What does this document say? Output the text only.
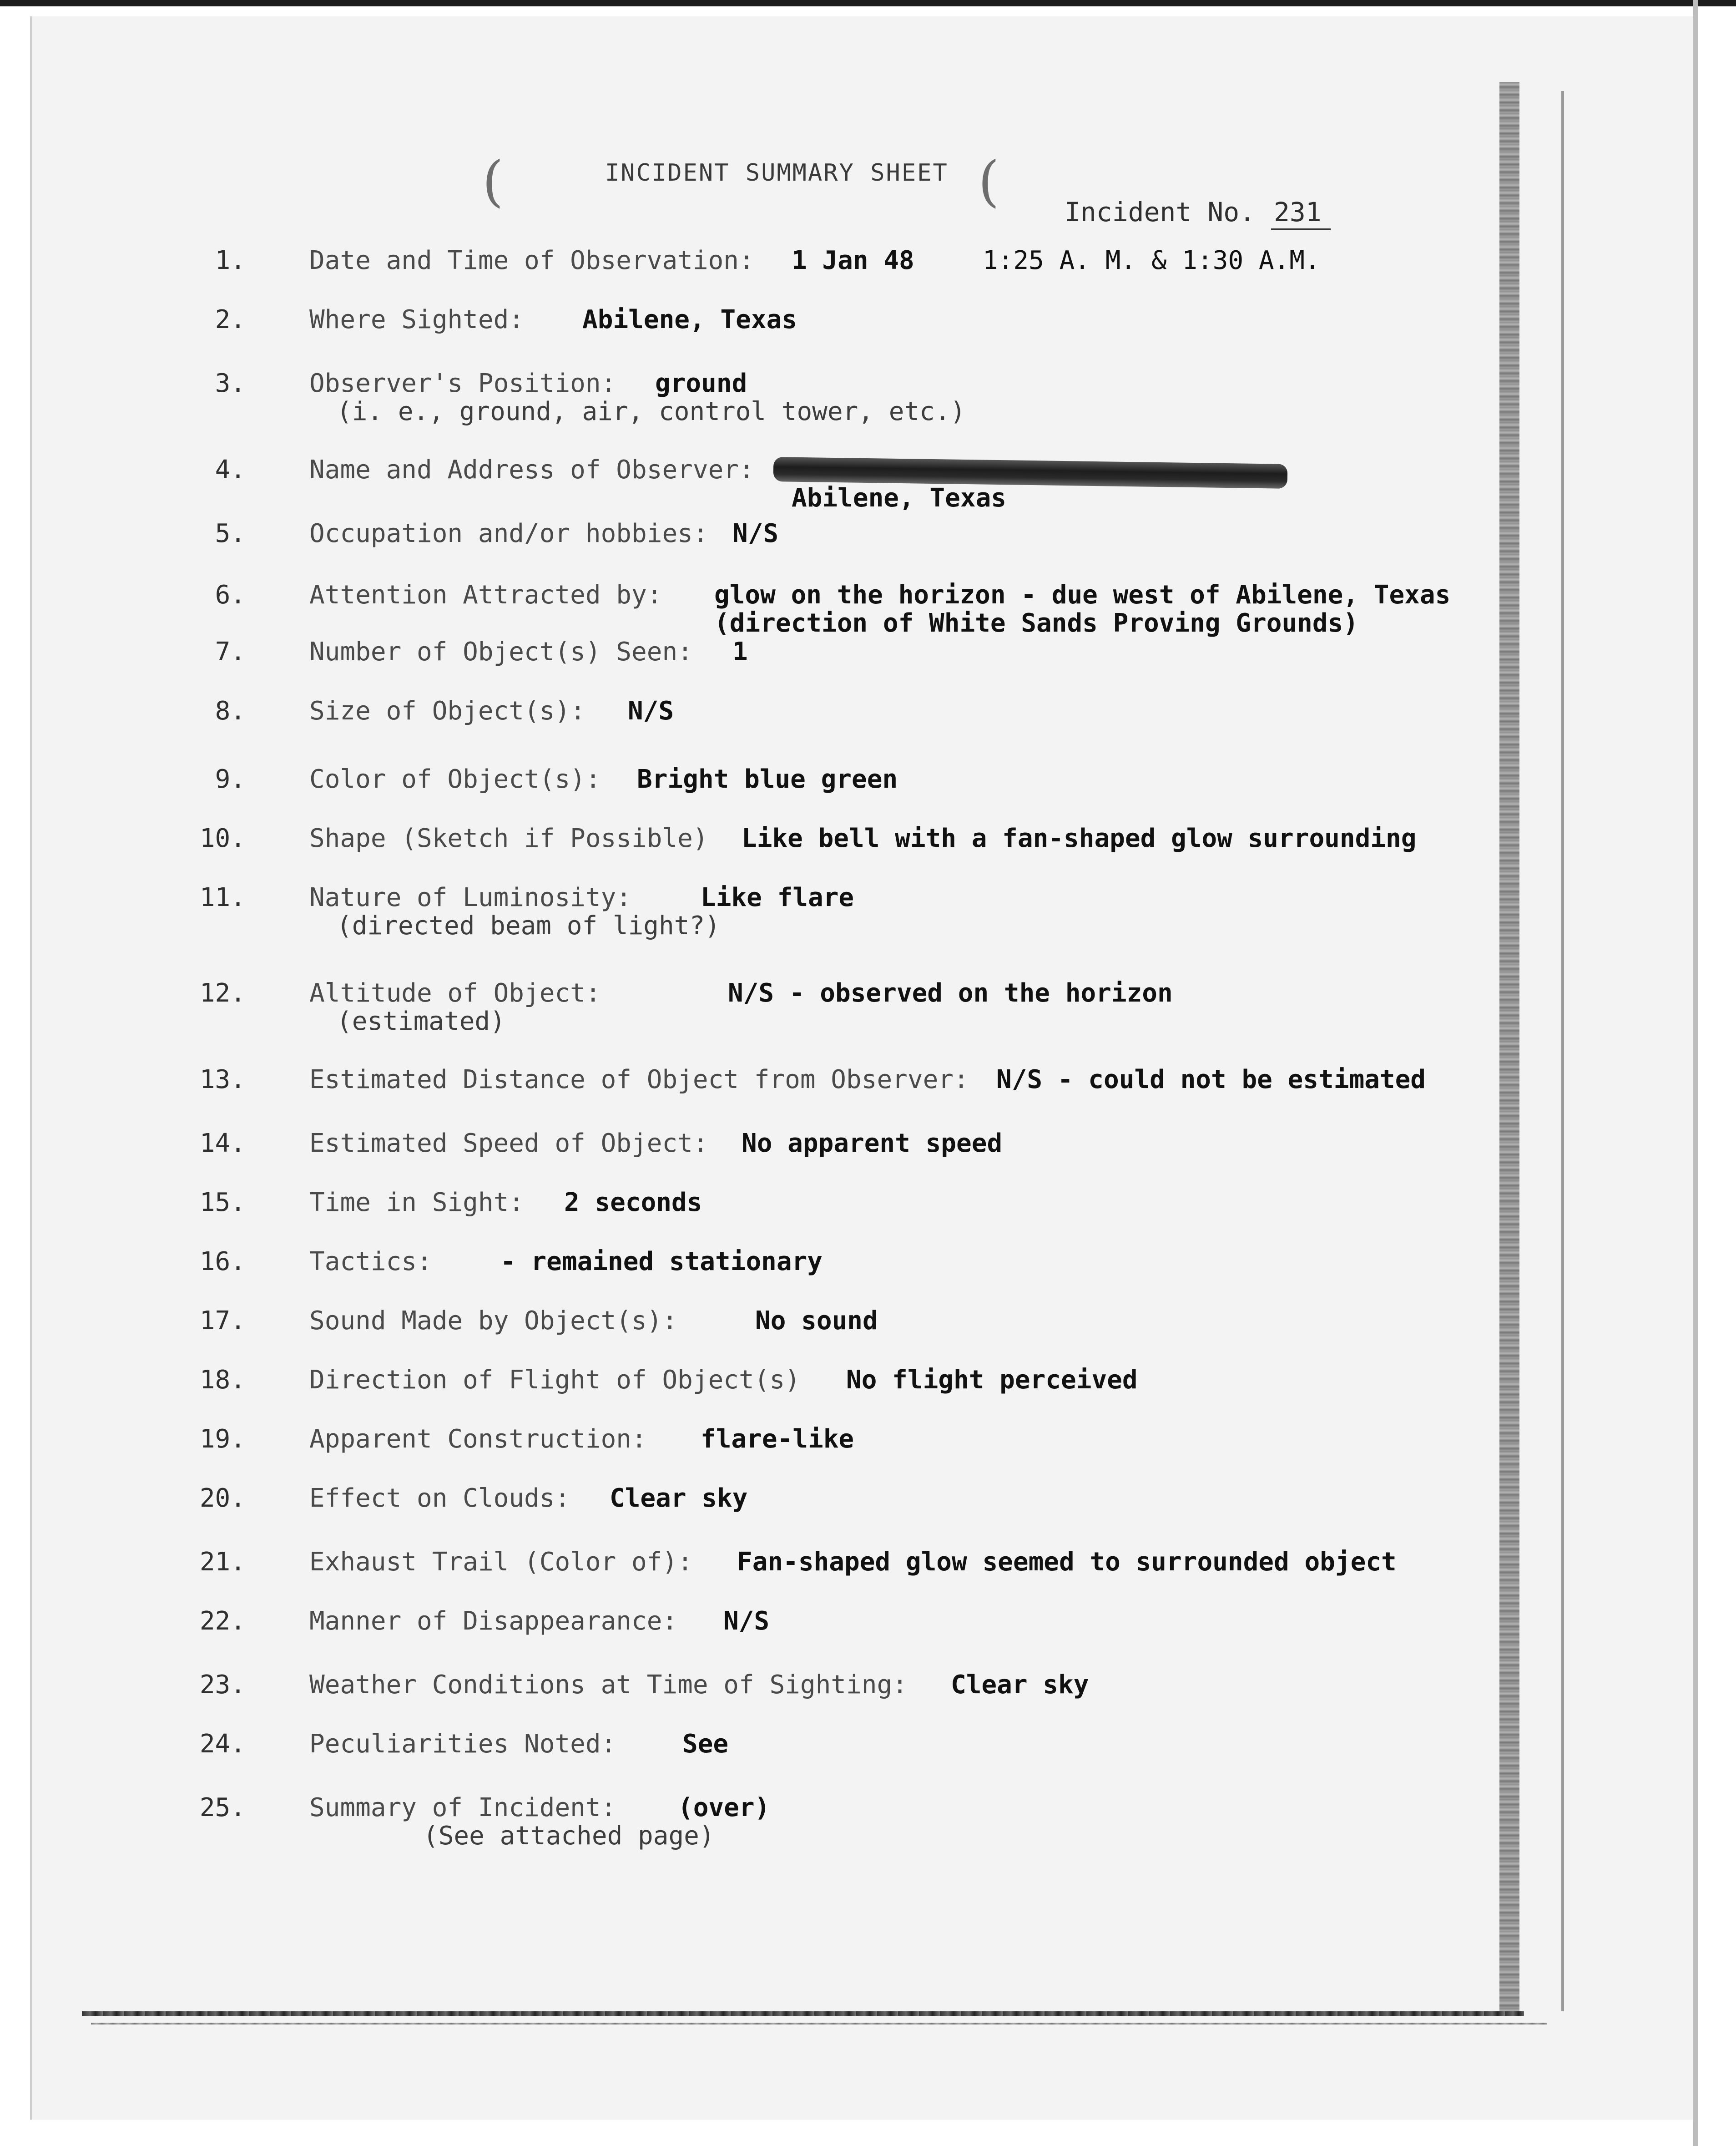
(	(
INCIDENT SUMMARY SHEET
Incident No. 231
1.	Date and Time of Observation: 1 Jan 48	1:25 A. M. & 1:30 A.M.
2.	Where Sighted: Abilene, Texas
3.	Observer's Position: ground
(i. e., ground, air, control tower, etc.)
4.	Name and Address of Observer:
Abilene, Texas
5.	Occupation and/or hobbies: N/S
6.	Attention Attracted by: glow on the horizon - due west of Abilene, Texas
(direction of White Sands Proving Grounds)
7.	Number of Object(s) Seen: 1
8.	Size of Object(s): N/S
9.	Color of Object(s): Bright blue green
10.	Shape (Sketch if Possible) Like bell with a fan-shaped glow surrounding
11.	Nature of Luminosity:	Like flare
(directed beam of light?)
12.	Altitude of Object:	N/S - observed on the horizon
(estimated)
13.	Estimated Distance of Object from Observer: N/S - could not be estimated
14.	Estimated Speed of Object: No apparent speed
15.	Time in Sight: 2 seconds
16.	Tactics:	- remained stationary
17.	Sound Made by Object(s):	No sound
18.	Direction of Flight of Object(s) No flight perceived
19.	Apparent Construction: flare-like
20.	Effect on Clouds: Clear sky
21.	Exhaust Trail (Color of): Fan-shaped glow seemed to surrounded object
22.	Manner of Disappearance: N/S
23.	Weather Conditions at Time of Sighting: Clear sky
24.	Peculiarities Noted:	See
25.	Summary of Incident: (over)
(See attached page)
